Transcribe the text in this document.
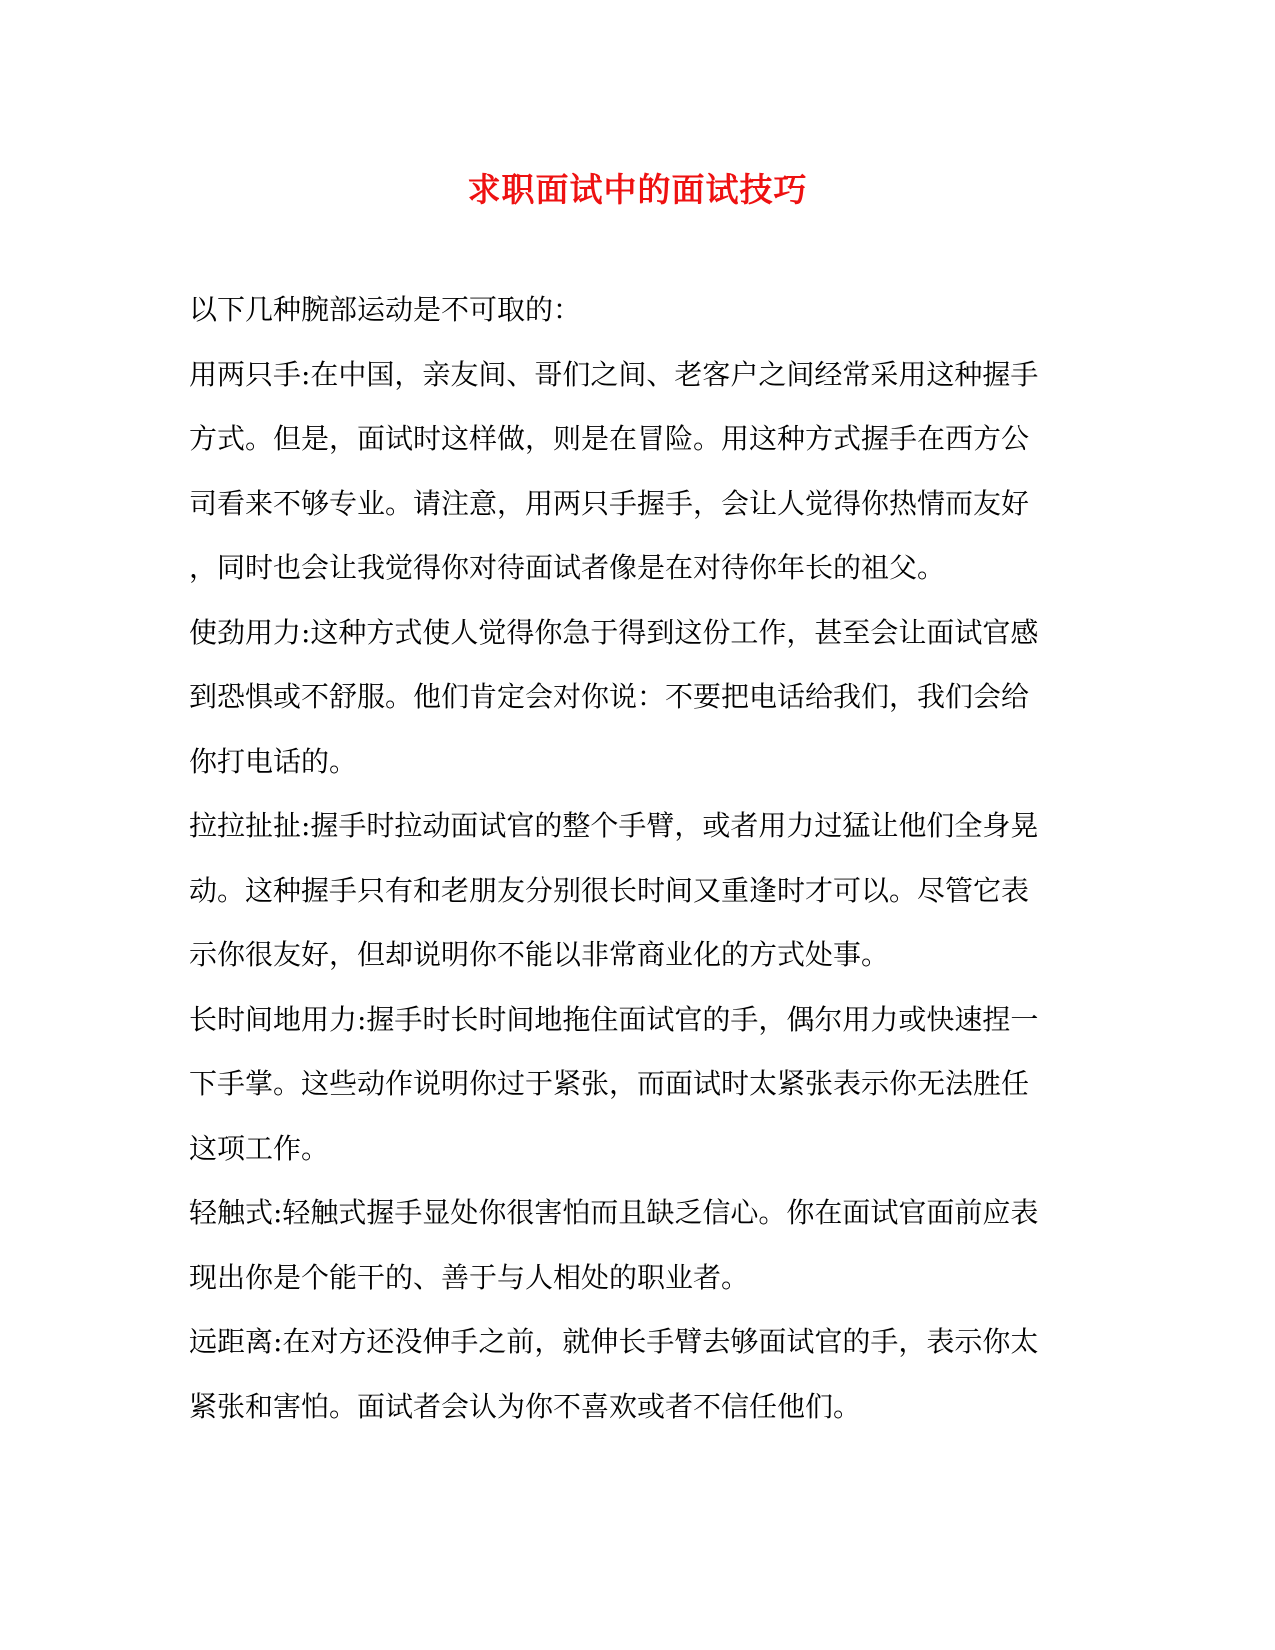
求职面试中的面试技巧

以下几种腕部运动是不可取的：

用两只手:在中国，亲友间、哥们之间、老客户之间经常采用这种握手

方式。但是，面试时这样做，则是在冒险。用这种方式握手在西方公

司看来不够专业。请注意，用两只手握手，会让人觉得你热情而友好

，同时也会让我觉得你对待面试者像是在对待你年长的祖父。

使劲用力:这种方式使人觉得你急于得到这份工作，甚至会让面试官感

到恐惧或不舒服。他们肯定会对你说：不要把电话给我们，我们会给

你打电话的。

拉拉扯扯:握手时拉动面试官的整个手臂，或者用力过猛让他们全身晃

动。这种握手只有和老朋友分别很长时间又重逢时才可以。尽管它表

示你很友好，但却说明你不能以非常商业化的方式处事。

长时间地用力:握手时长时间地拖住面试官的手，偶尔用力或快速捏一

下手掌。这些动作说明你过于紧张，而面试时太紧张表示你无法胜任

这项工作。

轻触式:轻触式握手显处你很害怕而且缺乏信心。你在面试官面前应表

现出你是个能干的、善于与人相处的职业者。

远距离:在对方还没伸手之前，就伸长手臂去够面试官的手，表示你太

紧张和害怕。面试者会认为你不喜欢或者不信任他们。
